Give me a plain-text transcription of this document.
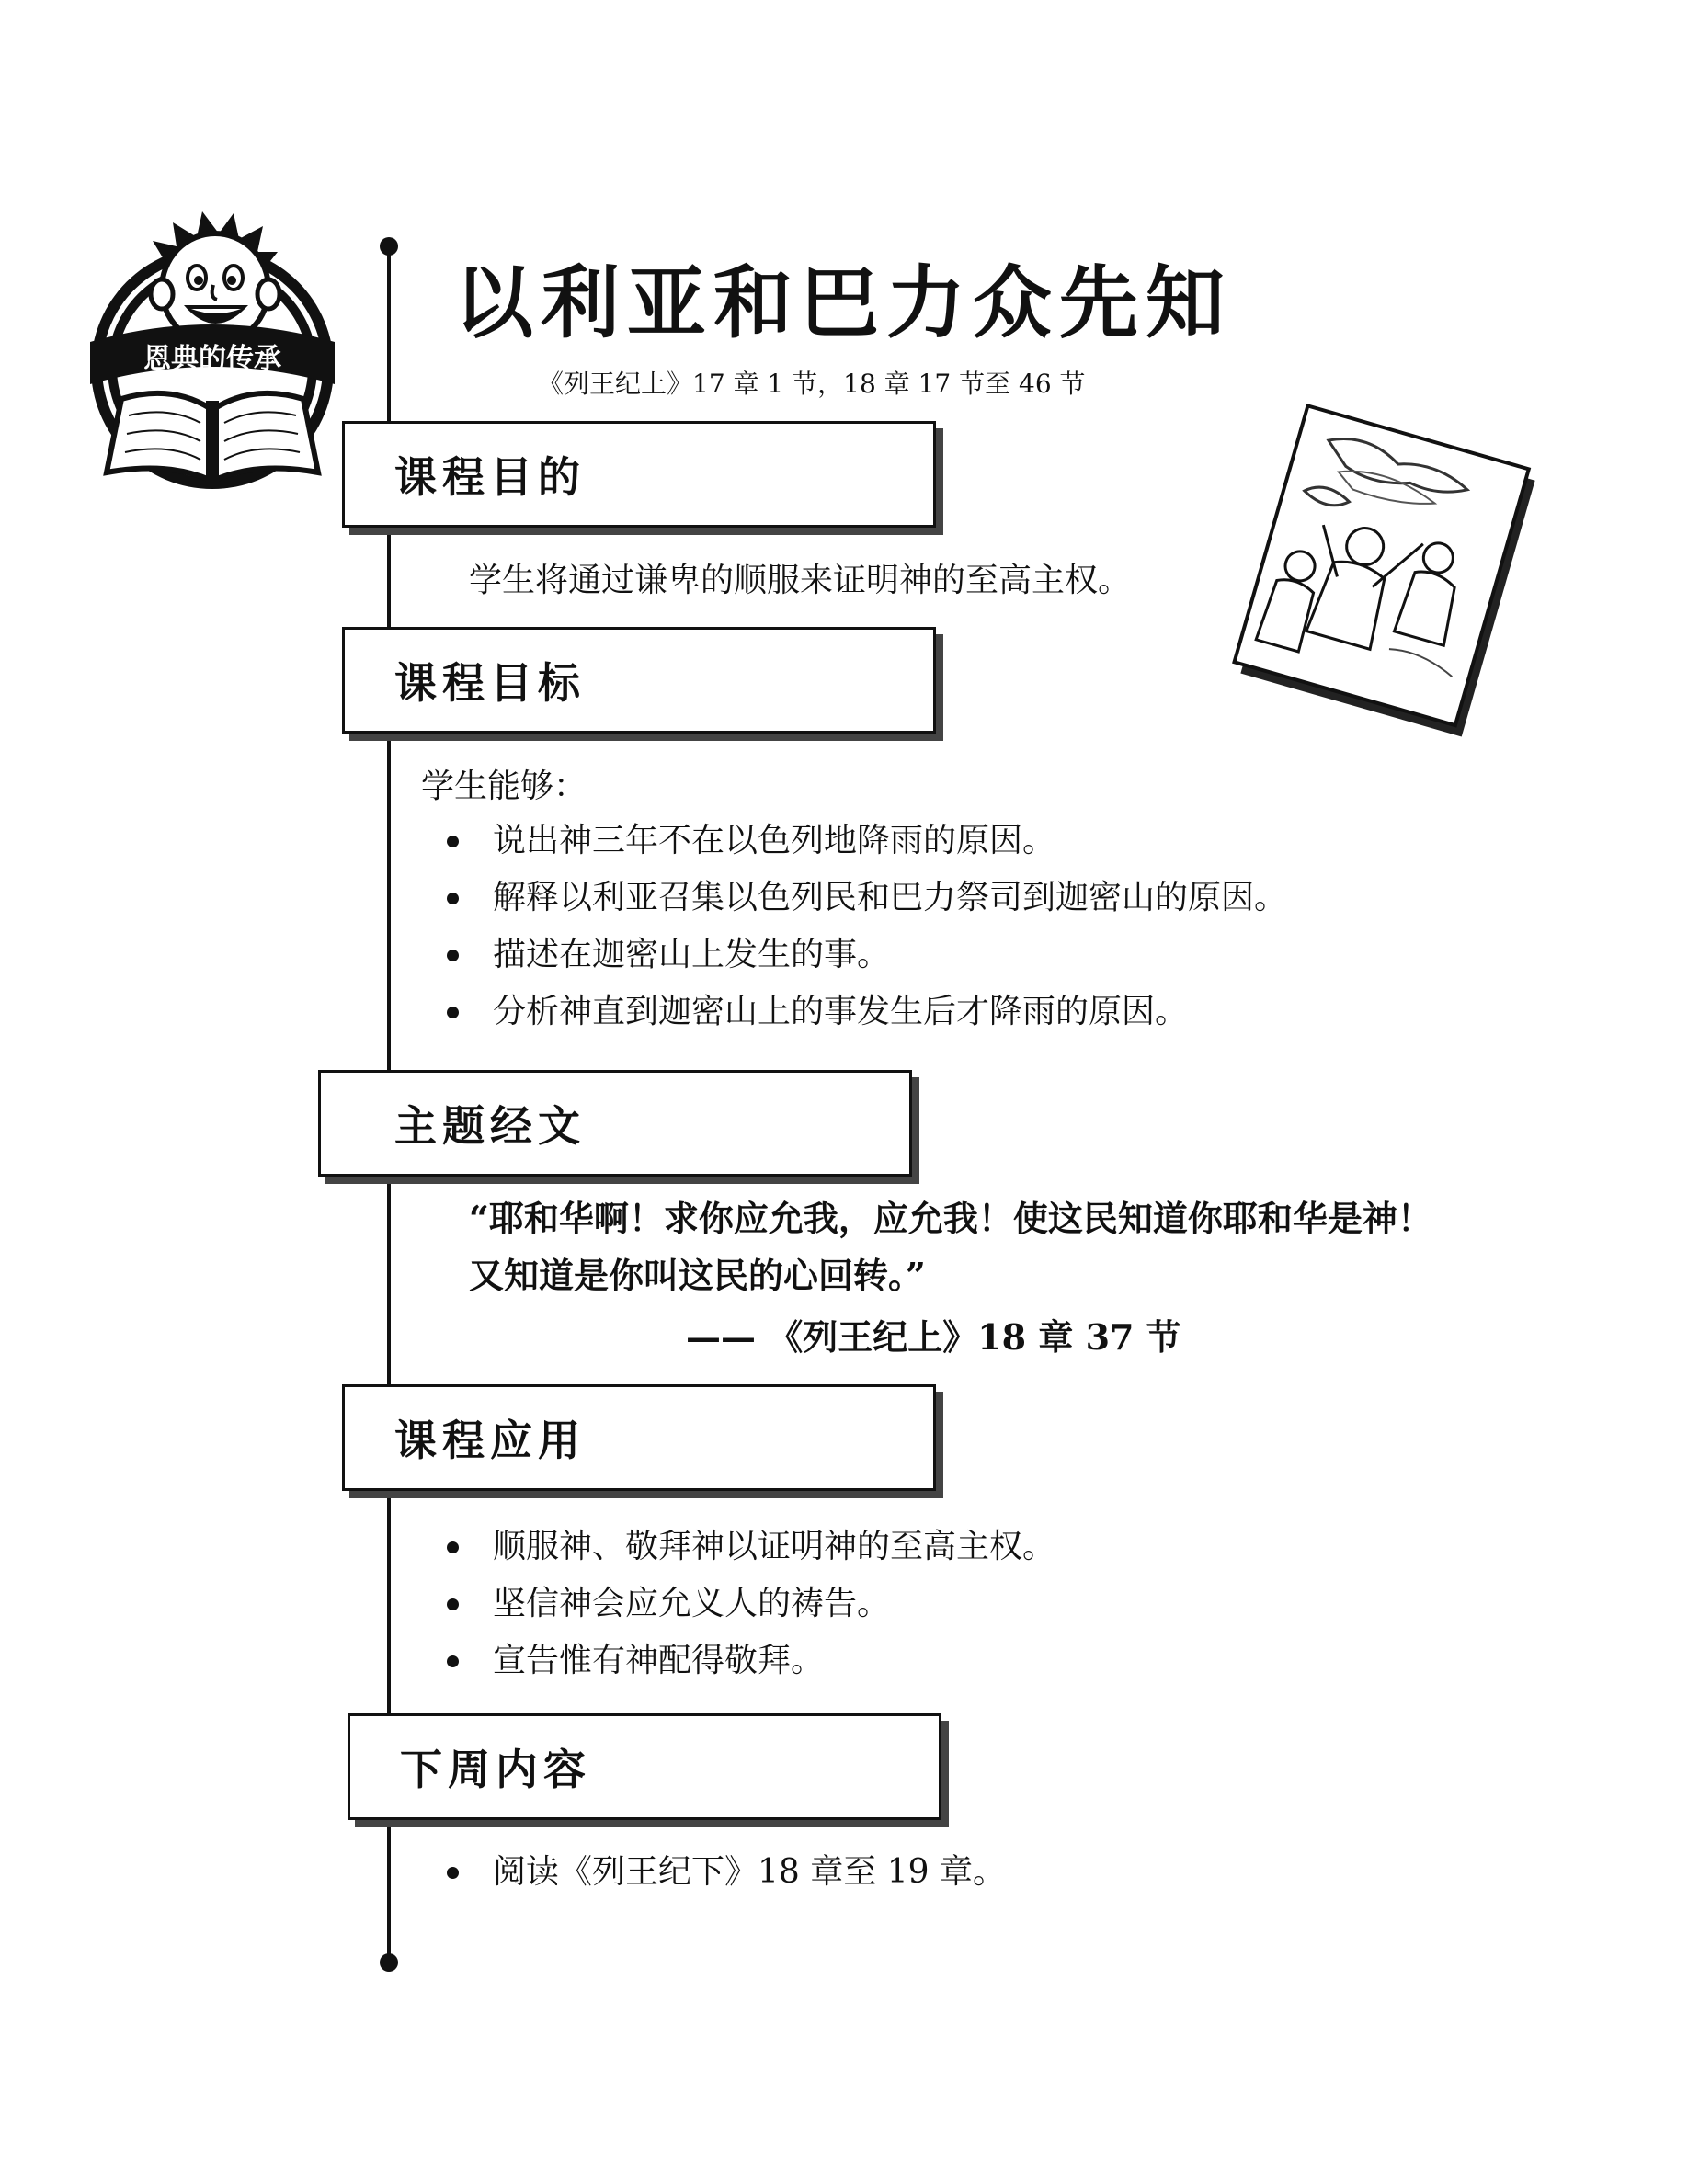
恩典的传承
以利亚和巴力众先知
《列王纪上》17 章 1 节，18 章 17 节至 46 节
课程目的
学生将通过谦卑的顺服来证明神的至高主权。
课程目标
学生能够：
说出神三年不在以色列地降雨的原因。
解释以利亚召集以色列民和巴力祭司到迦密山的原因。
描述在迦密山上发生的事。
分析神直到迦密山上的事发生后才降雨的原因。
主题经文
“耶和华啊！求你应允我，应允我！使这民知道你耶和华是神！又知道是你叫这民的心回转。”
—— 《列王纪上》18 章 37 节
课程应用
顺服神、敬拜神以证明神的至高主权。
坚信神会应允义人的祷告。
宣告惟有神配得敬拜。
下周内容
阅读《列王纪下》18 章至 19 章。
